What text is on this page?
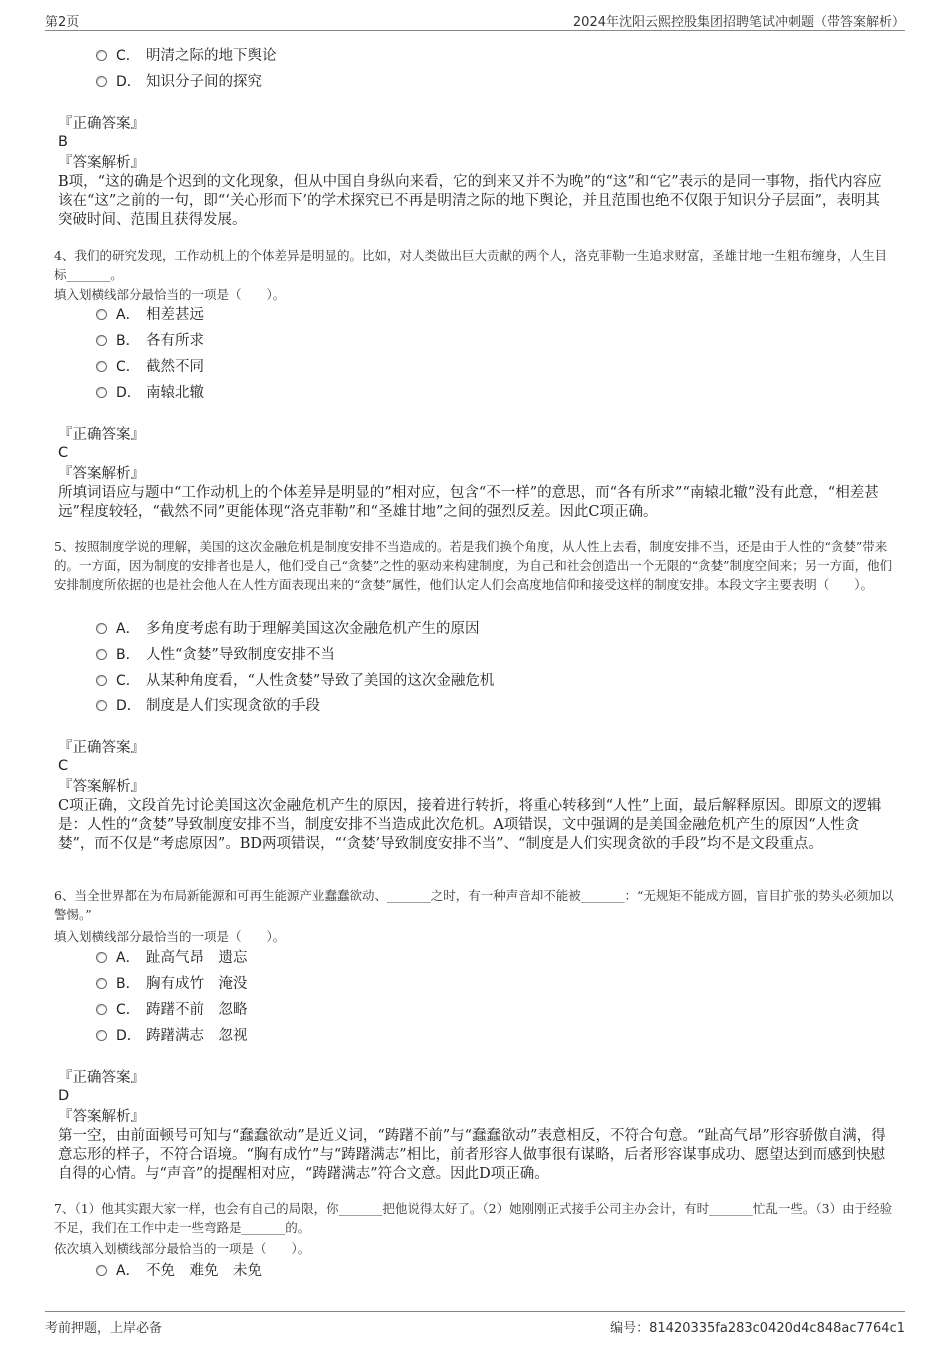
第2页	2024年沈阳云熙控股集团招聘笔试冲刺题（带答案解析）
C． 明清之际的地下舆论
D． 知识分子间的探究
『正确答案』
B
『答案解析』
B项，“这的确是个迟到的文化现象，但从中国自身纵向来看，它的到来又并不为晚”的“这”和“它”表示的是同一事物，指代内容应该在“这”之前的一句，即“‘关心形而下’的学术探究已不再是明清之际的地下舆论，并且范围也绝不仅限于知识分子层面”，表明其突破时间、范围且获得发展。
4、我们的研究发现，工作动机上的个体差异是明显的。比如，对人类做出巨大贡献的两个人，洛克菲勒一生追求财富，圣雄甘地一生粗布缠身，人生目标_______。
填入划横线部分最恰当的一项是（　　）。
A． 相差甚远
B． 各有所求
C． 截然不同
D． 南辕北辙
『正确答案』
C
『答案解析』
所填词语应与题中“工作动机上的个体差异是明显的”相对应，包含“不一样”的意思，而“各有所求”“南辕北辙”没有此意，“相差甚远”程度较轻，“截然不同”更能体现“洛克菲勒”和“圣雄甘地”之间的强烈反差。因此C项正确。
5、按照制度学说的理解，美国的这次金融危机是制度安排不当造成的。若是我们换个角度，从人性上去看，制度安排不当，还是由于人性的“贪婪”带来的。一方面，因为制度的安排者也是人，他们受自己“贪婪”之性的驱动来构建制度，为自己和社会创造出一个无限的“贪婪”制度空间来；另一方面，他们安排制度所依据的也是社会他人在人性方面表现出来的“贪婪”属性，他们认定人们会高度地信仰和接受这样的制度安排。本段文字主要表明（　　）。
A． 多角度考虑有助于理解美国这次金融危机产生的原因
B． 人性“贪婪”导致制度安排不当
C． 从某种角度看，“人性贪婪”导致了美国的这次金融危机
D． 制度是人们实现贪欲的手段
『正确答案』
C
『答案解析』
C项正确，文段首先讨论美国这次金融危机产生的原因，接着进行转折，将重心转移到“人性”上面，最后解释原因。即原文的逻辑是：人性的“贪婪”导致制度安排不当，制度安排不当造成此次危机。A项错误，文中强调的是美国金融危机产生的原因“人性贪婪”，而不仅是“考虑原因”。BD两项错误，“‘贪婪’导致制度安排不当”、“制度是人们实现贪欲的手段”均不是文段重点。
6、当全世界都在为布局新能源和可再生能源产业蠢蠢欲动、_______之时，有一种声音却不能被_______：“无规矩不能成方圆，盲目扩张的势头必须加以警惕。”
填入划横线部分最恰当的一项是（　　）。
A． 趾高气昂　遗忘
B． 胸有成竹　淹没
C． 踌躇不前　忽略
D． 踌躇满志　忽视
『正确答案』
D
『答案解析』
第一空，由前面顿号可知与“蠢蠢欲动”是近义词，“踌躇不前”与“蠢蠢欲动”表意相反，不符合句意。“趾高气昂”形容骄傲自满，得意忘形的样子，不符合语境。“胸有成竹”与“踌躇满志”相比，前者形容人做事很有谋略，后者形容谋事成功、愿望达到而感到快慰自得的心情。与“声音”的提醒相对应，“踌躇满志”符合文意。因此D项正确。
7、（1）他其实跟大家一样，也会有自己的局限，你_______把他说得太好了。（2）她刚刚正式接手公司主办会计，有时_______忙乱一些。（3）由于经验不足，我们在工作中走一些弯路是_______的。
依次填入划横线部分最恰当的一项是（　　）。
A． 不免　难免　未免
考前押题，上岸必备	编号：81420335fa283c0420d4c848ac7764c1
